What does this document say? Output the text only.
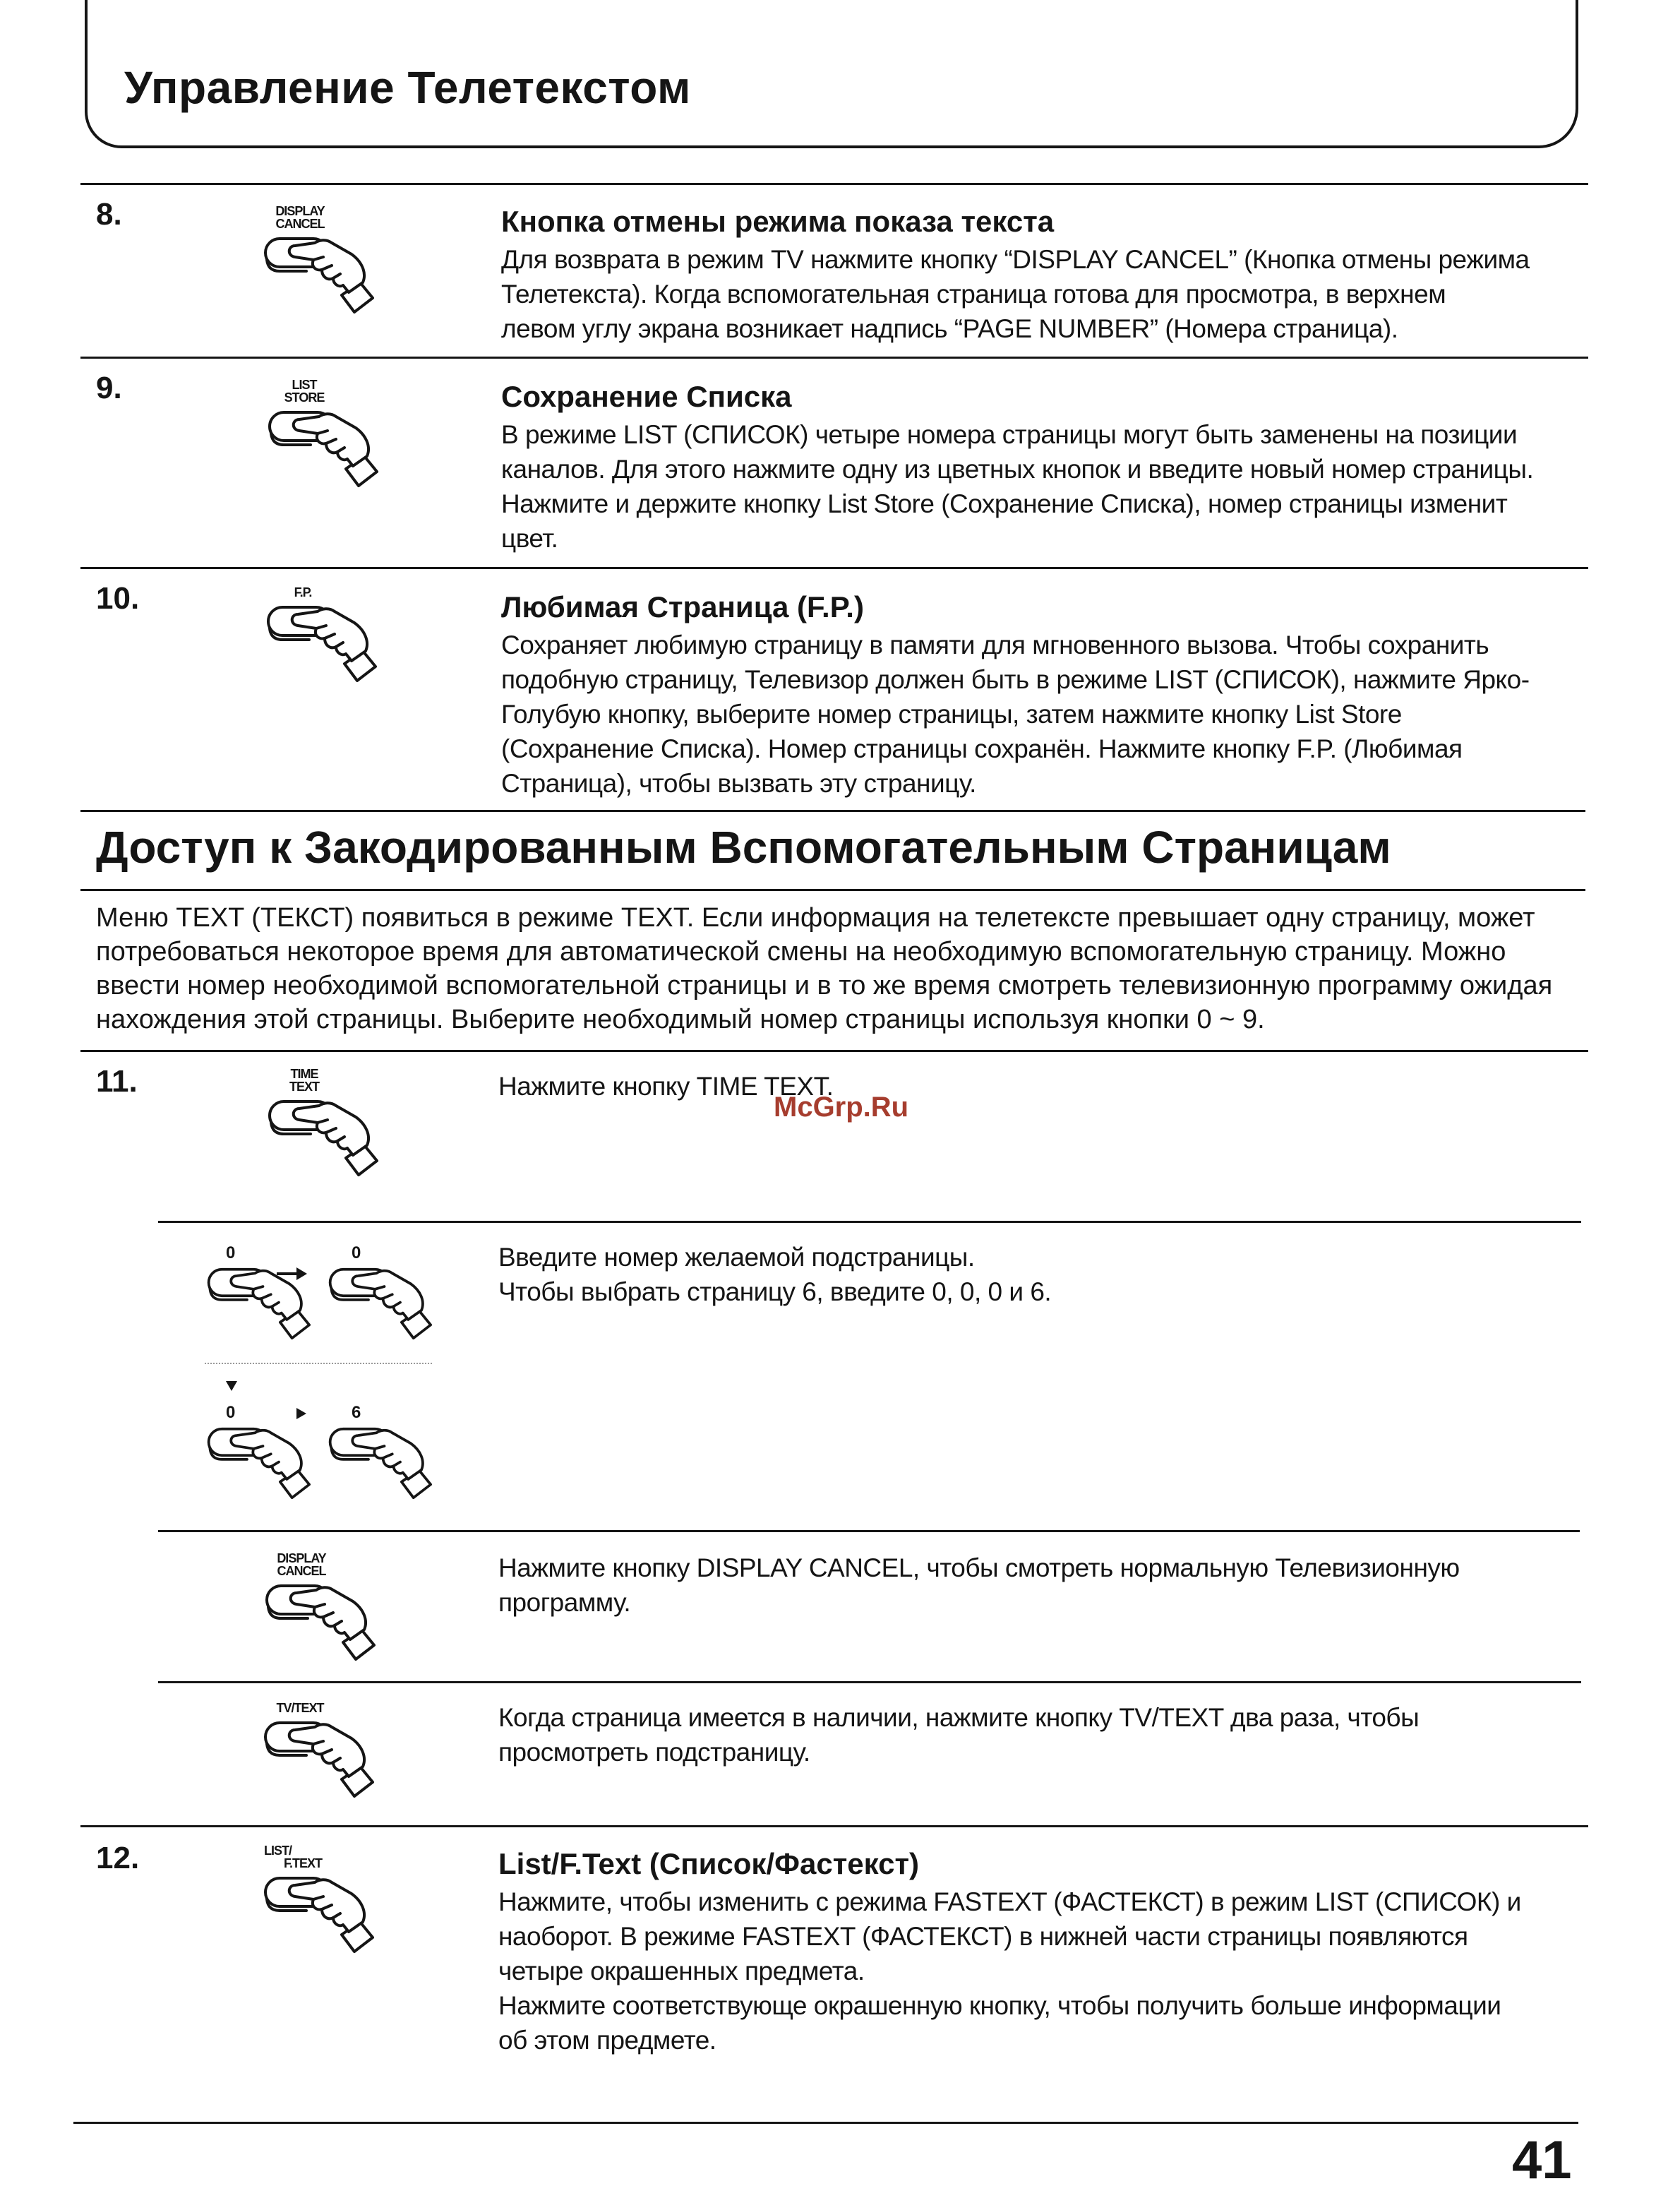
Управление Телетекстом
8.	DISPLAY
CANCEL	Кнопка отмены режима показа текста
Для возврата в режим TV нажмите кнопку “DISPLAY CANCEL” (Кнопка отмены режима
Телетекста). Когда вспомогательная страница готова для просмотра, в верхнем
левом углу экрана возникает надпись “PAGE NUMBER” (Номера страница).
9.	LIST
STORE	Сохранение Списка
В режиме LIST (СПИСОК) четыре номера страницы могут быть заменены на позиции
каналов. Для этого нажмите одну из цветных кнопок и введите новый номер страницы.
Нажмите и держите кнопку List Store (Сохранение Списка), номер страницы изменит
цвет.
10.	F.P.	Любимая Страница (F.P.)
Сохраняет любимую страницу в памяти для мгновенного вызова. Чтобы сохранить
подобную страницу, Телевизор должен быть в режиме LIST (СПИСОК), нажмите Ярко-
Голубую кнопку, выберите номер страницы, затем нажмите кнопку List Store
(Сохранение Списка). Номер страницы сохранён. Нажмите кнопку F.P. (Любимая
Страница), чтобы вызвать эту страницу.
Доступ к Закодированным Вспомогательным Страницам
Меню TEXT (ТЕКСТ) появиться в режиме TEXT. Если информация на телетексте превышает одну страницу, может
потребоваться некоторое время для автоматической смены на необходимую вспомогательную страницу. Можно
ввести номер необходимой вспомогательной страницы и в то же время смотреть телевизионную программу ожидая
нахождения этой страницы. Выберите необходимый номер страницы используя кнопки 0 ~ 9.
11.	TIME
TEXT	Нажмите кнопку TIME TEXT.
McGrp.Ru
0	0
0	6
Введите номер желаемой подстраницы.
Чтобы выбрать страницу 6, введите 0, 0, 0 и 6.
DISPLAY
CANCEL	Нажмите кнопку DISPLAY CANCEL, чтобы смотреть нормальную Телевизионную
программу.
TV/TEXT	Когда страница имеется в наличии, нажмите кнопку TV/TEXT два раза, чтобы
просмотреть подстраницу.
12.	LIST/
F.TEXT	List/F.Text (Список/Фастекст)
Нажмите, чтобы изменить с режима FASTEXT (ФАСТЕКСТ) в режим LIST (СПИСОК) и
наоборот. В режиме FASTEXT (ФАСТЕКСТ) в нижней части страницы появляются
четыре окрашенных предмета.
Нажмите соответствующе окрашенную кнопку, чтобы получить больше информации
об этом предмете.
41
